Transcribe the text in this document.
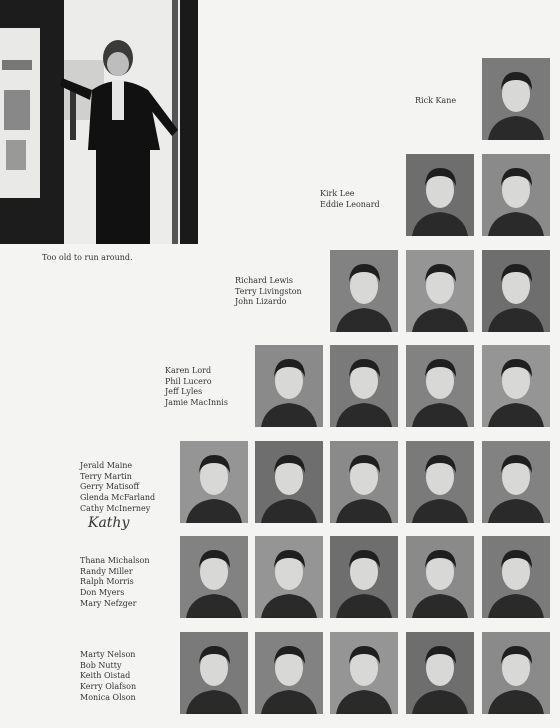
Too old to run around.
Rick Kane
Kirk Lee
Eddie Leonard
Richard Lewis
Terry Livingston
John Lizardo
Karen Lord
Phil Lucero
Jeff Lyles
Jamie MacInnis
Jerald Maine
Terry Martin
Gerry Matisoff
Glenda McFarland
Cathy McInerney
Kathy
Thana Michalson
Randy Miller
Ralph Morris
Don Myers
Mary Nefzger
Marty Nelson
Bob Nutty
Keith Oistad
Kerry Olafson
Monica Olson
